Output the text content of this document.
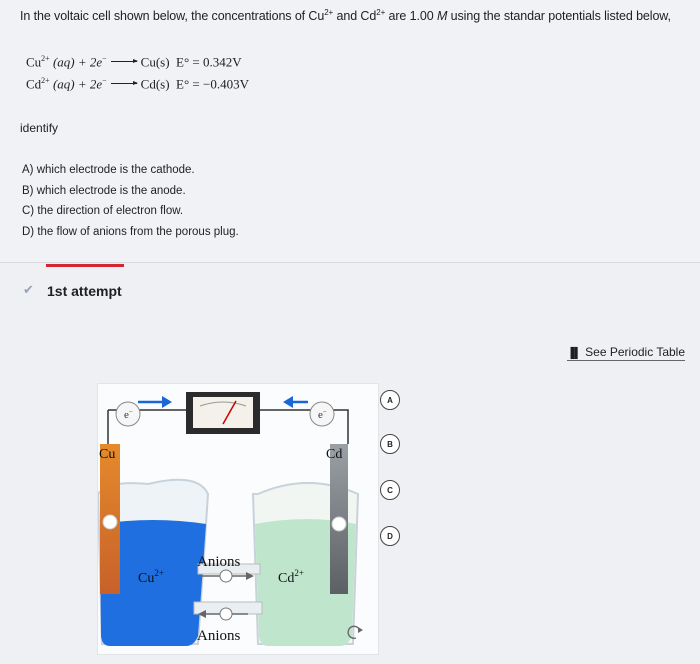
In the voltaic cell shown below, the concentrations of $Cu^{2+}$ and $Cd^{2+}$ are 1.00 M using the standar potentials listed below,
$Cu^{2+}$ (aq) + 2e−	Cu(s) E° = 0.342V
$Cd^{2+}$ (aq) + 2e−	Cd(s) E° = −0.403V
identify
A) which electrode is the cathode.
B) which electrode is the anode.
C) the direction of electron flow.
D) the flow of anions from the porous plug.
✔ 1st attempt
▐▌ See Periodic Table
e−	e−
Cu	Cd
$Cu^{2+}$	$Cd^{2+}$
Anions
Anions
A
B
C
D
